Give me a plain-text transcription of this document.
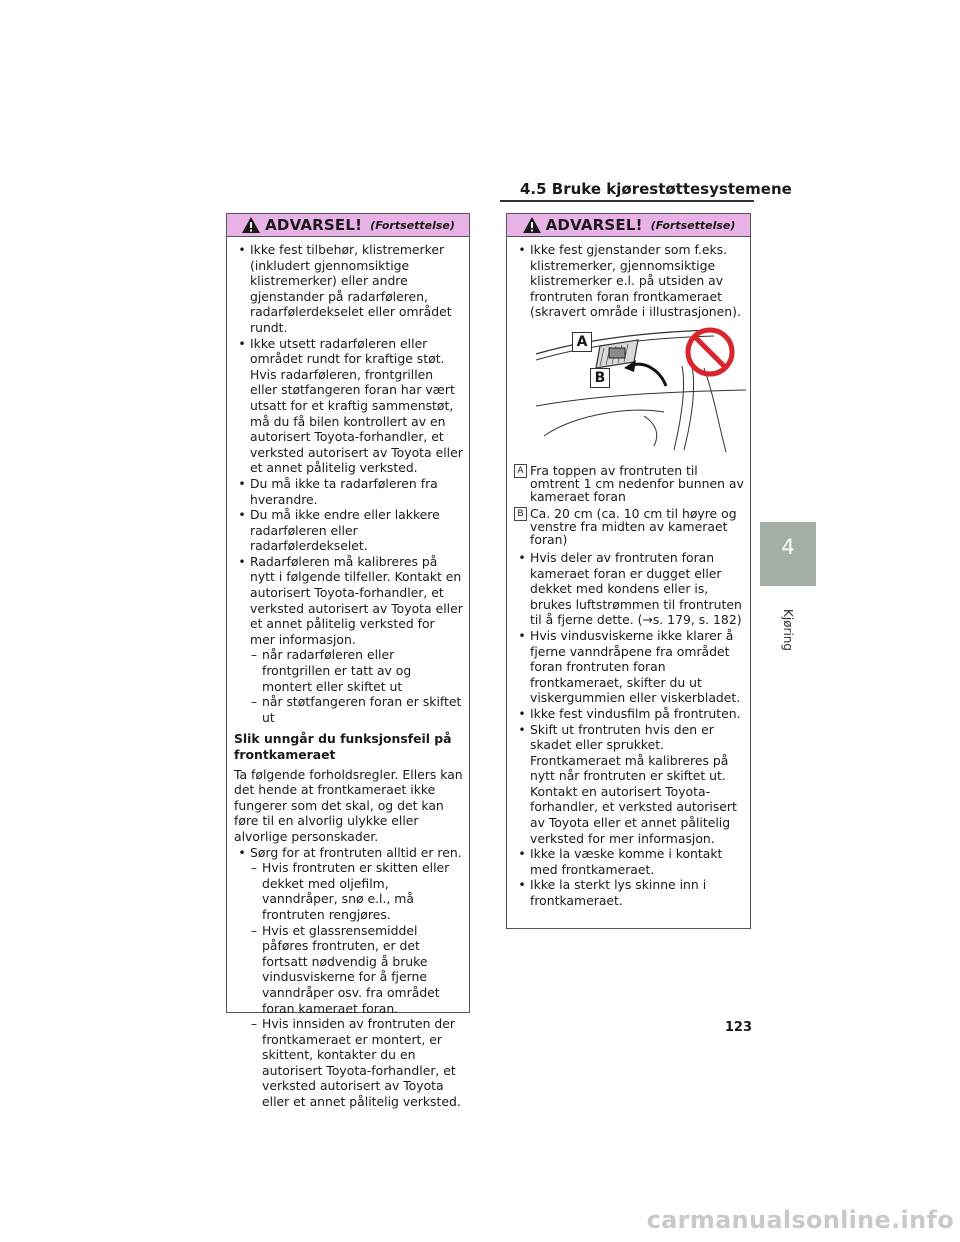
4.5 Bruke kjørestøttesystemene
ADVARSEL! (Fortsettelse)

• Ikke fest tilbehør, klistremerker (inkludert gjennomsiktige klistremerker) eller andre gjenstander på radarføleren, radarfølerdekselet eller området rundt.

• Ikke utsett radarføleren eller området rundt for kraftige støt. Hvis radarføleren, frontgrillen eller støtfangeren foran har vært utsatt for et kraftig sammenstøt, må du få bilen kontrollert av en autorisert Toyota-forhandler, et verksted autorisert av Toyota eller et annet pålitelig verksted.

• Du må ikke ta radarføleren fra hverandre.

• Du må ikke endre eller lakkere radarføleren eller radarfølerdekselet.

• Radarføleren må kalibreres på nytt i følgende tilfeller. Kontakt en autorisert Toyota-forhandler, et verksted autorisert av Toyota eller et annet pålitelig verksted for mer informasjon.

– når radarføleren eller frontgrillen er tatt av og montert eller skiftet ut

– når støtfangeren foran er skiftet ut

Slik unngår du funksjonsfeil på frontkameraet

Ta følgende forholdsregler. Ellers kan det hende at frontkameraet ikke fungerer som det skal, og det kan føre til en alvorlig ulykke eller alvorlige personskader.

• Sørg for at frontruten alltid er ren.

– Hvis frontruten er skitten eller dekket med oljefilm, vanndråper, snø e.l., må frontruten rengjøres.

– Hvis et glassrensemiddel påføres frontruten, er det fortsatt nødvendig å bruke vindusviskerne for å fjerne vanndråper osv. fra området foran kameraet foran.

– Hvis innsiden av frontruten der frontkameraet er montert, er skittent, kontakter du en autorisert Toyota-forhandler, et verksted autorisert av Toyota eller et annet pålitelig verksted.

ADVARSEL! (Fortsettelse)

• Ikke fest gjenstander som f.eks. klistremerker, gjennomsiktige klistremerker e.l. på utsiden av frontruten foran frontkameraet (skravert område i illustrasjonen).

A
B
A Fra toppen av frontruten til omtrent 1 cm nedenfor bunnen av kameraet foran
B Ca. 20 cm (ca. 10 cm til høyre og venstre fra midten av kameraet foran)

• Hvis deler av frontruten foran kameraet foran er dugget eller dekket med kondens eller is, brukes luftstrømmen til frontruten til å fjerne dette. (→s. 179, s. 182)

• Hvis vindusviskerne ikke klarer å fjerne vanndråpene fra området foran frontruten foran frontkameraet, skifter du ut viskergummien eller viskerbladet.

• Ikke fest vindusfilm på frontruten.

• Skift ut frontruten hvis den er skadet eller sprukket. Frontkameraet må kalibreres på nytt når frontruten er skiftet ut. Kontakt en autorisert Toyota-forhandler, et verksted autorisert av Toyota eller et annet pålitelig verksted for mer informasjon.

• Ikke la væske komme i kontakt med frontkameraet.

• Ikke la sterkt lys skinne inn i frontkameraet.

4
Kjøring
123
carmanualsonline.info
